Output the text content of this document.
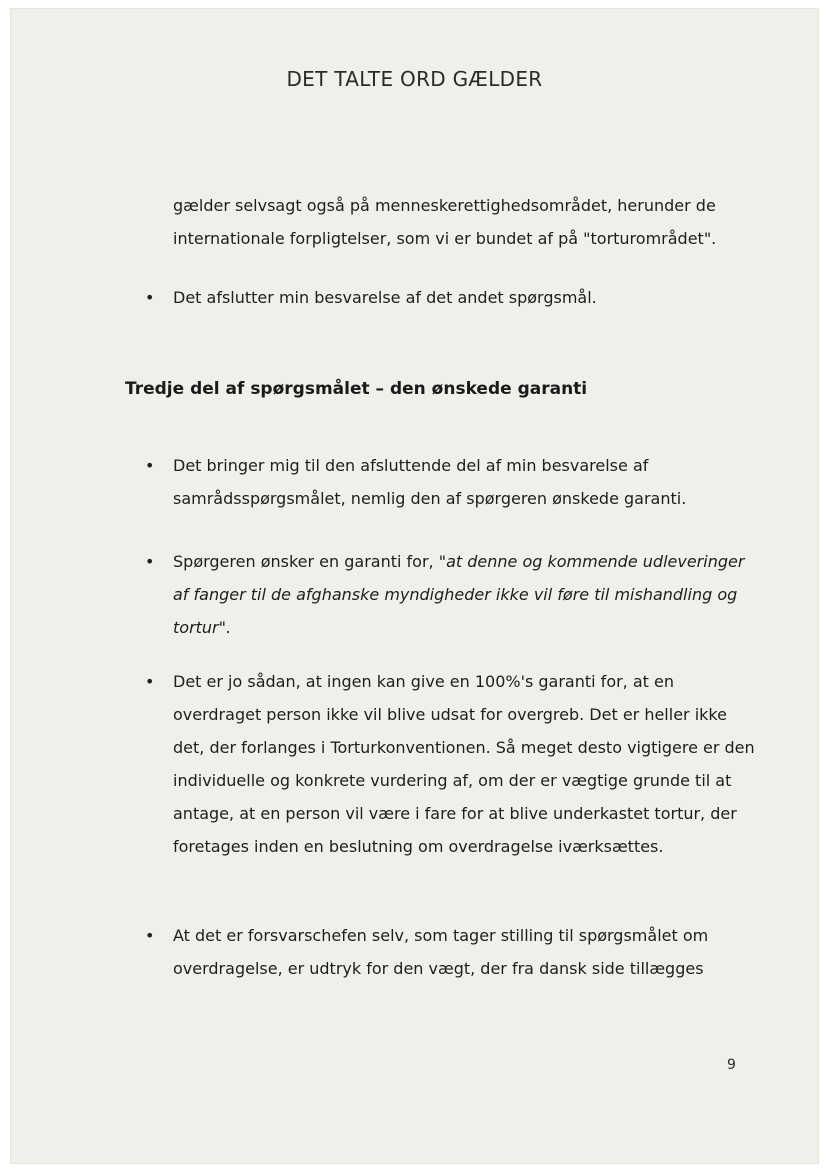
DET TALTE ORD GÆLDER
gælder selvsagt også på menneskerettighedsområdet, herunder de internationale forpligtelser, som vi er bundet af på "torturområdet".
• Det afslutter min besvarelse af det andet spørgsmål.
Tredje del af spørgsmålet – den ønskede garanti
• Det bringer mig til den afsluttende del af min besvarelse af samrådsspørgsmålet, nemlig den af spørgeren ønskede garanti.
• Spørgeren ønsker en garanti for, "at denne og kommende udleveringer af fanger til de afghanske myndigheder ikke vil føre til mishandling og tortur".
• Det er jo sådan, at ingen kan give en 100%'s garanti for, at en overdraget person ikke vil blive udsat for overgreb. Det er heller ikke det, der forlanges i Torturkonventionen. Så meget desto vigtigere er den individuelle og konkrete vurdering af, om der er vægtige grunde til at antage, at en person vil være i fare for at blive underkastet tortur, der foretages inden en beslutning om overdragelse iværksættes.
• At det er forsvarschefen selv, som tager stilling til spørgsmålet om overdragelse, er udtryk for den vægt, der fra dansk side tillægges
9
